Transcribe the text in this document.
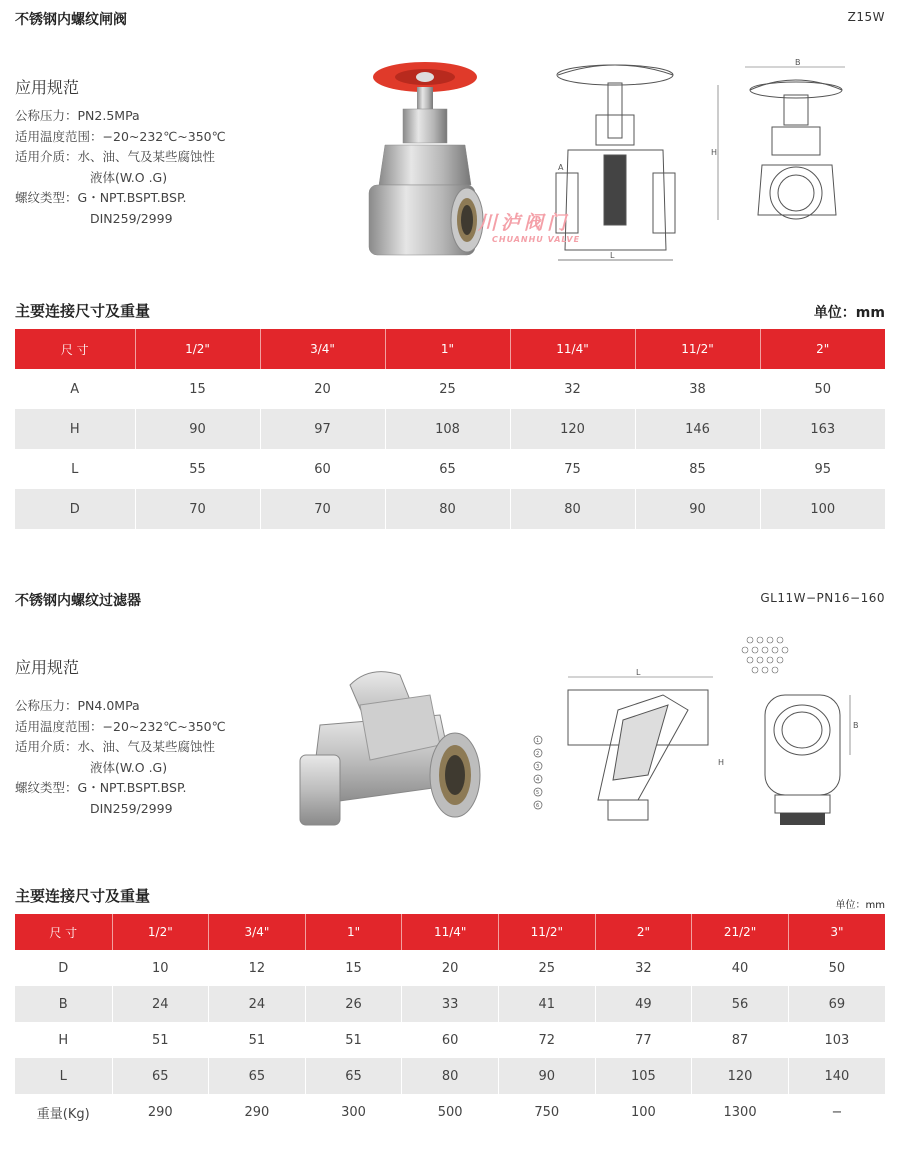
不锈钢内螺纹闸阀	Z15W
应用规范
公称压力： PN2.5MPa
适用温度范围： −20~232℃~350℃
适用介质： 水、油、气及某些腐蚀性
液体(W.O .G)
螺纹类型： G・NPT.BSPT.BSP.
DIN259/2999
L
A
B
H
川泸阀门
CHUANHU VALVE
主要连接尺寸及重量	单位：mm
尺 寸	1/2"	3/4"	1"	11/4"	11/2"	2"
A	15	20	25	32	38	50
H	90	97	108	120	146	163
L	55	60	65	75	85	95
D	70	70	80	80	90	100
不锈钢内螺纹过滤器	GL11W−PN16−160
应用规范
公称压力： PN4.0MPa
适用温度范围： −20~232℃~350℃
适用介质： 水、油、气及某些腐蚀性
液体(W.O .G)
螺纹类型： G・NPT.BSPT.BSP.
DIN259/2999
1
2
3
4
5
6
L
H
B
主要连接尺寸及重量
单位：mm
尺 寸	1/2"	3/4"	1"	11/4"	11/2"	2"	21/2"	3"
D	10	12	15	20	25	32	40	50
B	24	24	26	33	41	49	56	69
H	51	51	51	60	72	77	87	103
L	65	65	65	80	90	105	120	140
重量(Kg)	290	290	300	500	750	100	1300	−
